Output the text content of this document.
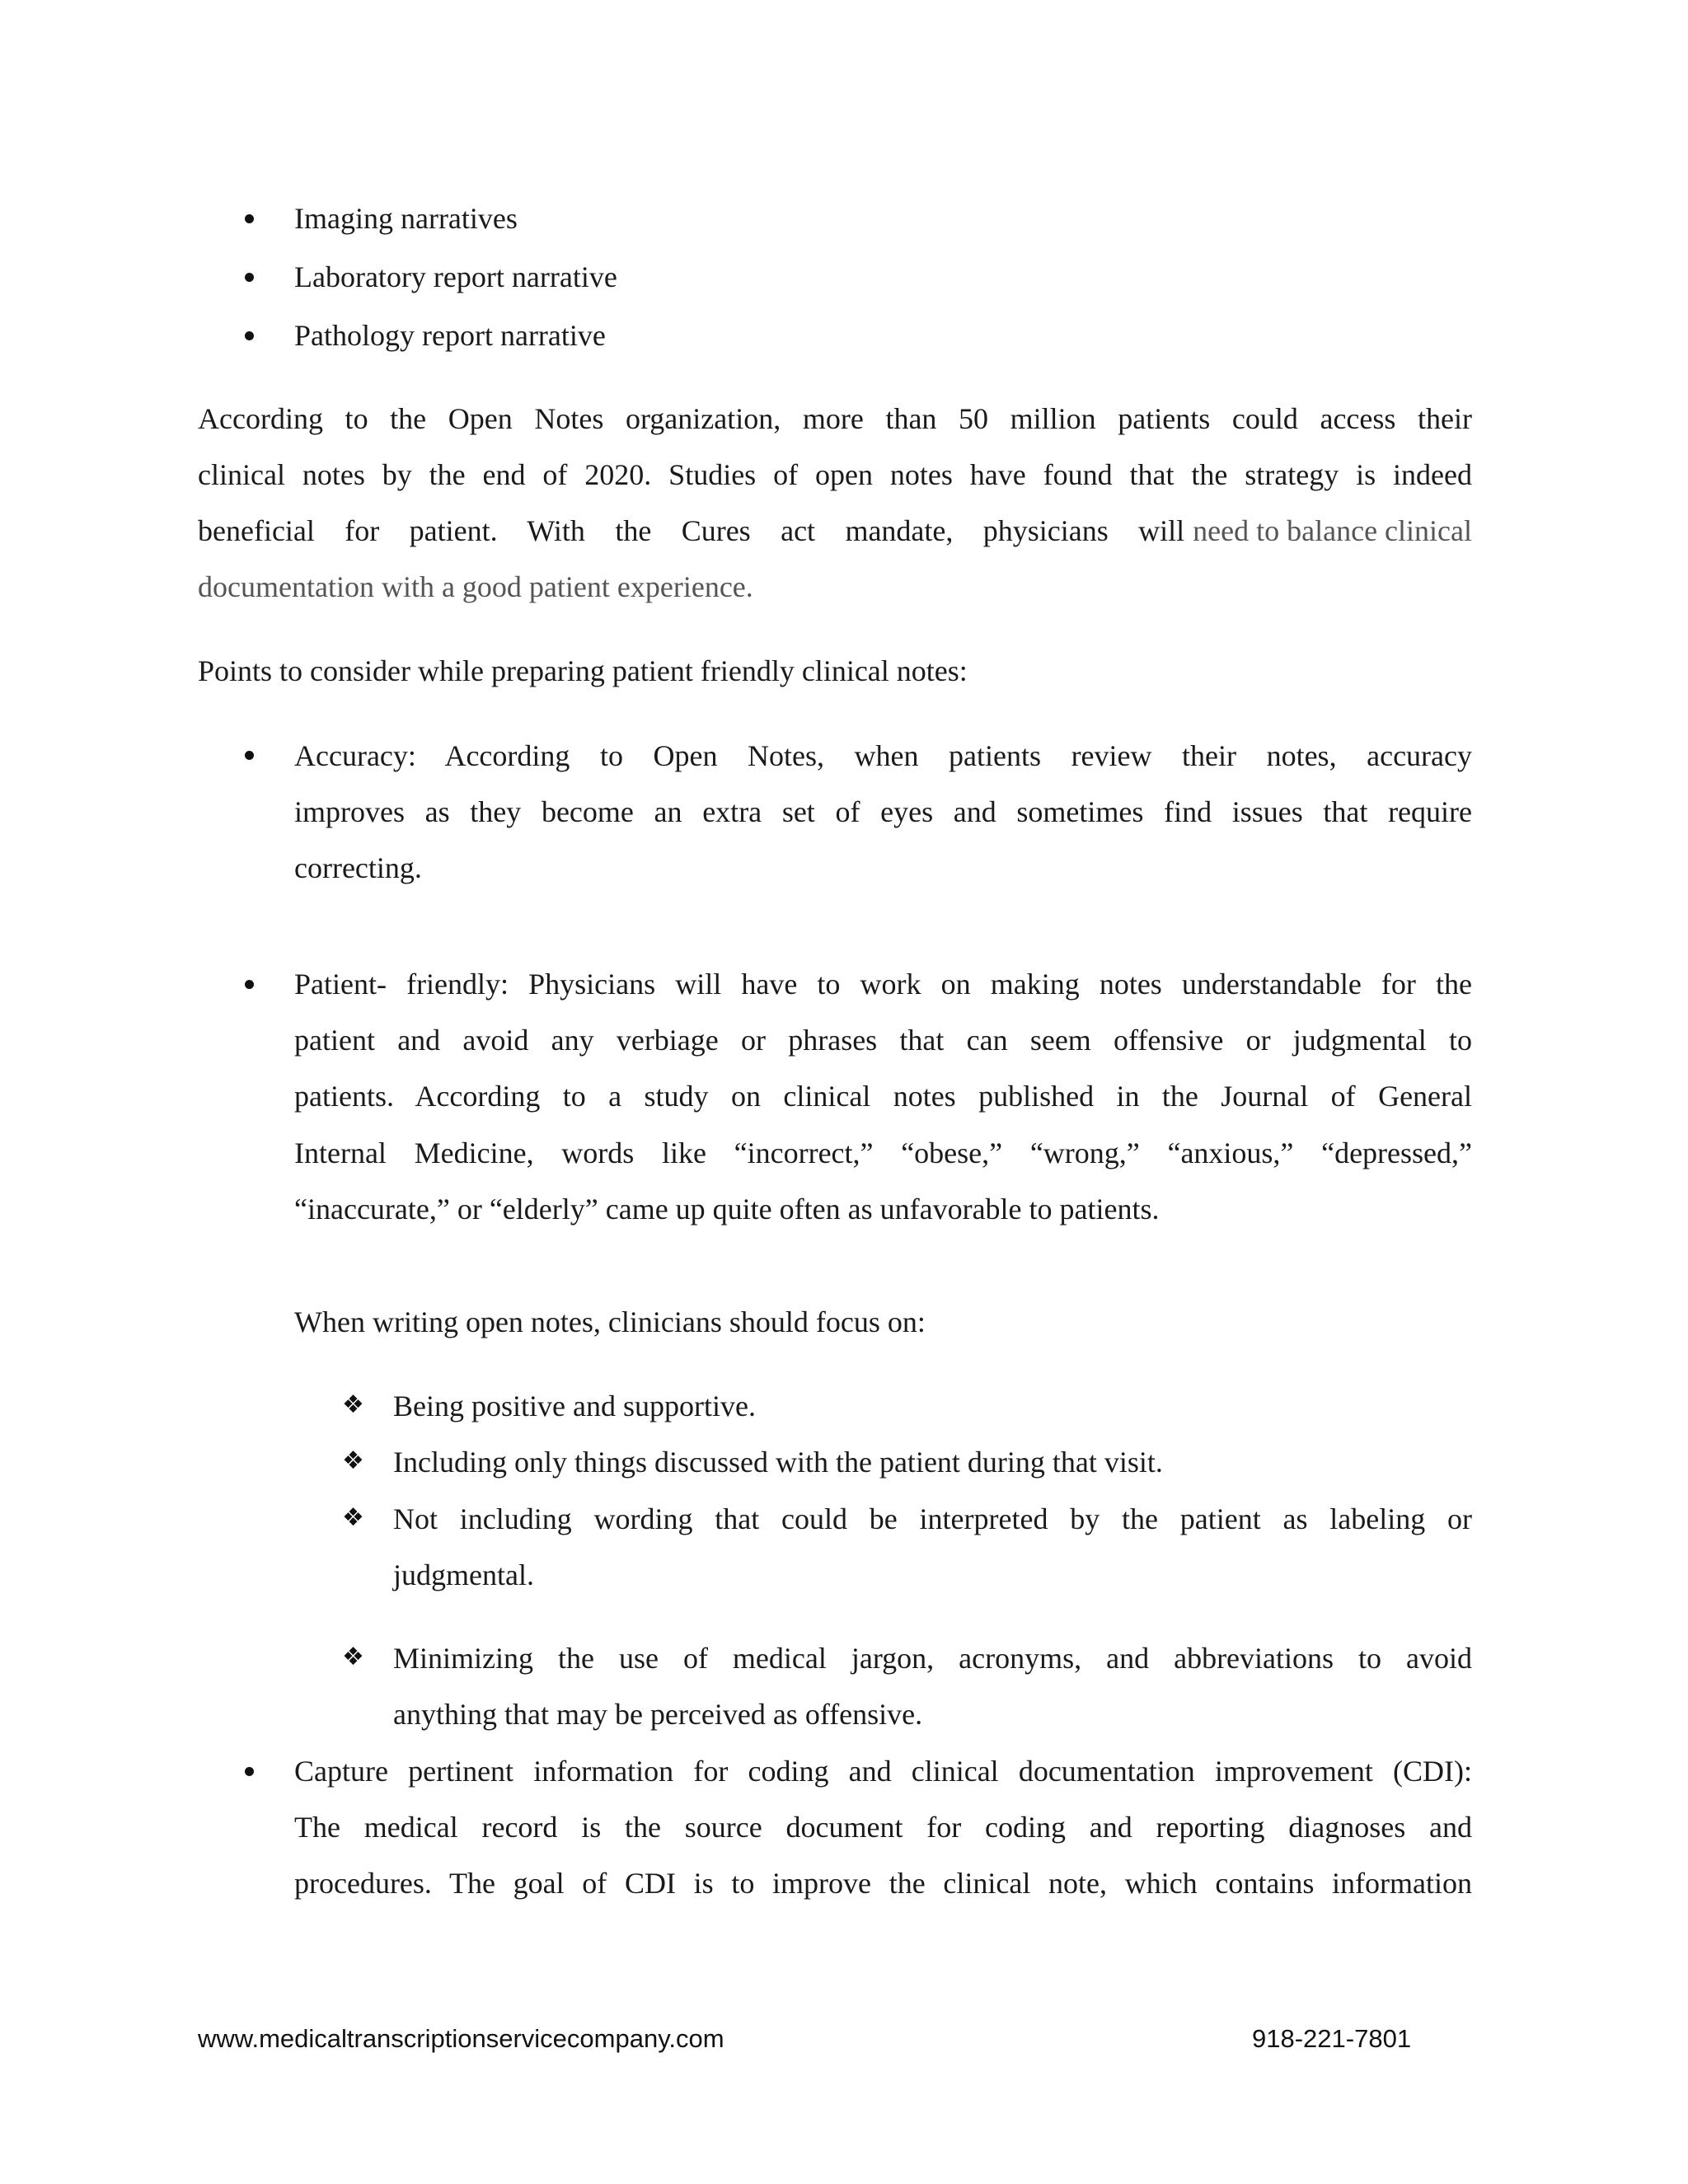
Imaging narratives
Laboratory report narrative
Pathology report narrative
According to the Open Notes organization, more than 50 million patients could access their
clinical notes by the end of 2020. Studies of open notes have found that the strategy is indeed
beneficial for patient. With the Cures act mandate, physicians will need to balance clinical
documentation with a good patient experience.
Points to consider while preparing patient friendly clinical notes:
Accuracy: According to Open Notes, when patients review their notes, accuracy
improves as they become an extra set of eyes and sometimes find issues that require
correcting.
Patient- friendly: Physicians will have to work on making notes understandable for the
patient and avoid any verbiage or phrases that can seem offensive or judgmental to
patients. According to a study on clinical notes published in the Journal of General
Internal Medicine, words like “incorrect,” “obese,” “wrong,” “anxious,” “depressed,”
“inaccurate,” or “elderly” came up quite often as unfavorable to patients.
When writing open notes, clinicians should focus on:
❖ Being positive and supportive.
❖ Including only things discussed with the patient during that visit.
❖ Not including wording that could be interpreted by the patient as labeling or
judgmental.
❖ Minimizing the use of medical jargon, acronyms, and abbreviations to avoid
anything that may be perceived as offensive.
Capture pertinent information for coding and clinical documentation improvement (CDI):
The medical record is the source document for coding and reporting diagnoses and
procedures. The goal of CDI is to improve the clinical note, which contains information
www.medicaltranscriptionservicecompany.com	918-221-7801
